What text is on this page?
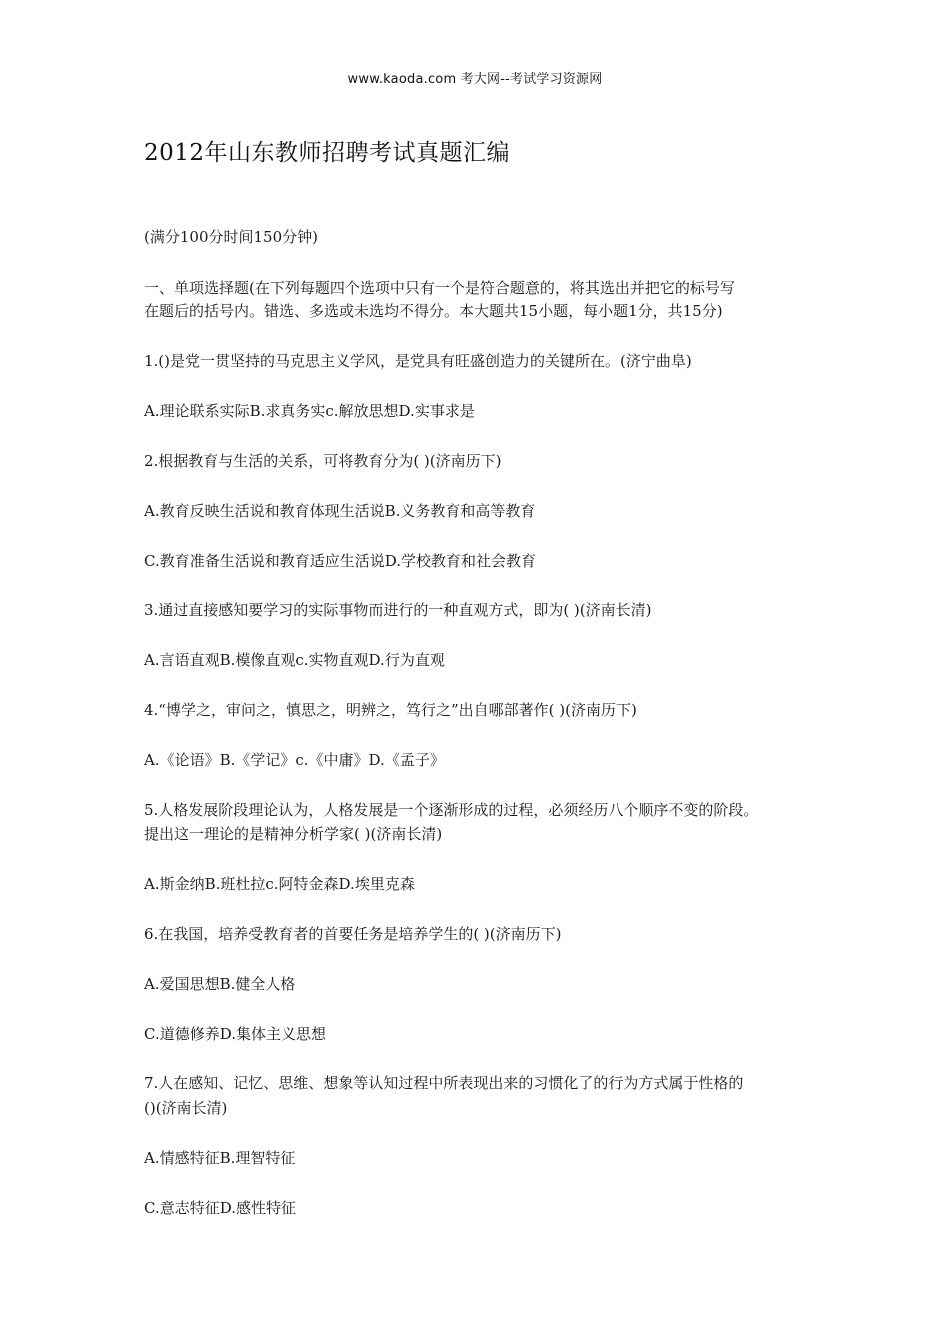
www.kaoda.com 考大网--考试学习资源网
2012年山东教师招聘考试真题汇编
(满分100分时间150分钟)
一、单项选择题(在下列每题四个选项中只有一个是符合题意的，将其选出并把它的标号写
在题后的括号内。错选、多选或未选均不得分。本大题共15小题，每小题1分，共15分)
1.()是党一贯坚持的马克思主义学风，是党具有旺盛创造力的关键所在。(济宁曲阜)
A.理论联系实际B.求真务实c.解放思想D.实事求是
2.根据教育与生活的关系，可将教育分为( )(济南历下)
A.教育反映生活说和教育体现生活说B.义务教育和高等教育
C.教育准备生活说和教育适应生活说D.学校教育和社会教育
3.通过直接感知要学习的实际事物而进行的一种直观方式，即为( )(济南长清)
A.言语直观B.模像直观c.实物直观D.行为直观
4.“博学之，审问之，慎思之，明辨之，笃行之”出自哪部著作( )(济南历下)
A.《论语》B.《学记》c.《中庸》D.《孟子》
5.人格发展阶段理论认为，人格发展是一个逐渐形成的过程，必须经历八个顺序不变的阶段。
提出这一理论的是精神分析学家( )(济南长清)
A.斯金纳B.班杜拉c.阿特金森D.埃里克森
6.在我国，培养受教育者的首要任务是培养学生的( )(济南历下)
A.爱国思想B.健全人格
C.道德修养D.集体主义思想
7.人在感知、记忆、思维、想象等认知过程中所表现出来的习惯化了的行为方式属于性格的
()(济南长清)
A.情感特征B.理智特征
C.意志特征D.感性特征
